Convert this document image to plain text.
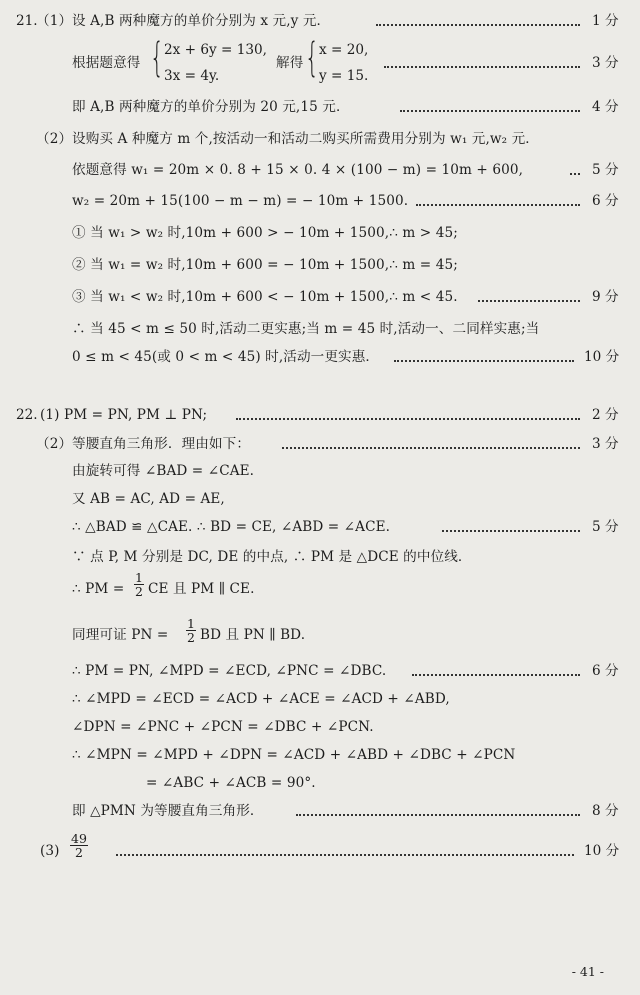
21.
（1） 设 A,B 两种魔方的单价分别为 x 元,y 元．	1 分
根据题意得 { 2x + 6y = 130,
3x = 4y.
解得 { x = 20,
y = 15.
3 分
即 A,B 两种魔方的单价分别为 20 元,15 元．	4 分
（2） 设购买 A 种魔方 m 个,按活动一和活动二购买所需费用分别为 w₁ 元,w₂ 元．
依题意得 w₁ = 20m × 0. 8 + 15 × 0. 4 × (100 − m) = 10m + 600,	5 分
w₂ = 20m + 15(100 − m − m) = − 10m + 1500.	6 分
① 当 w₁ > w₂ 时,10m + 600 > − 10m + 1500,∴ m > 45;
② 当 w₁ = w₂ 时,10m + 600 = − 10m + 1500,∴ m = 45;
③ 当 w₁ < w₂ 时,10m + 600 < − 10m + 1500,∴ m < 45.	9 分
∴ 当 45 < m ≤ 50 时,活动二更实惠;当 m = 45 时,活动一、二同样实惠;当
0 ≤ m < 45(或 0 < m < 45) 时,活动一更实惠．	10 分
22. (1) PM = PN, PM ⊥ PN;	2 分
（2） 等腰直角三角形．理由如下：	3 分
由旋转可得 ∠BAD = ∠CAE.
又 AB = AC, AD = AE,
∴ △BAD ≌ △CAE. ∴ BD = CE, ∠ABD = ∠ACE.	5 分
∵ 点 P, M 分别是 DC, DE 的中点, ∴ PM 是 △DCE 的中位线．
∴ PM = $\frac{1}{2}$ CE 且 PM ∥ CE.
同理可证 PN = $\frac{1}{2}$ BD 且 PN ∥ BD.
∴ PM = PN, ∠MPD = ∠ECD, ∠PNC = ∠DBC.	6 分
∴ ∠MPD = ∠ECD = ∠ACD + ∠ACE = ∠ACD + ∠ABD,
∠DPN = ∠PNC + ∠PCN = ∠DBC + ∠PCN.
∴ ∠MPN = ∠MPD + ∠DPN = ∠ACD + ∠ABD + ∠DBC + ∠PCN
= ∠ABC + ∠ACB = 90°.
即 △PMN 为等腰直角三角形．	8 分
$(3) \frac{49}{2}$	10 分
- 41 -
